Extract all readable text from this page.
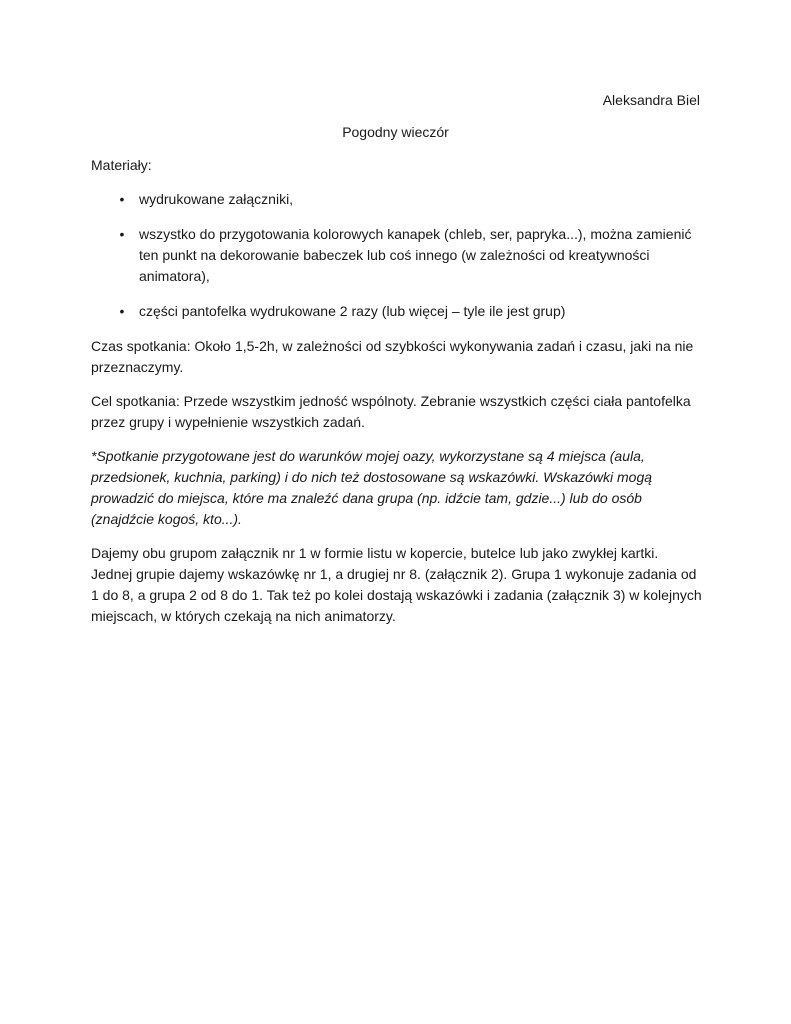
Aleksandra Biel
Pogodny wieczór

Materiały:

• wydrukowane załączniki,
• wszystko do przygotowania kolorowych kanapek (chleb, ser, papryka...), można zamienić ten punkt na dekorowanie babeczek lub coś innego (w zależności od kreatywności animatora),
• części pantofelka wydrukowane 2 razy (lub więcej – tyle ile jest grup)

Czas spotkania: Około 1,5-2h, w zależności od szybkości wykonywania zadań i czasu, jaki na nie przeznaczymy.

Cel spotkania: Przede wszystkim jedność wspólnoty. Zebranie wszystkich części ciała pantofelka przez grupy i wypełnienie wszystkich zadań.

*Spotkanie przygotowane jest do warunków mojej oazy, wykorzystane są 4 miejsca (aula, przedsionek, kuchnia, parking) i do nich też dostosowane są wskazówki. Wskazówki mogą prowadzić do miejsca, które ma znaleźć dana grupa (np. idźcie tam, gdzie...) lub do osób (znajdźcie kogoś, kto...).

Dajemy obu grupom załącznik nr 1 w formie listu w kopercie, butelce lub jako zwykłej kartki. Jednej grupie dajemy wskazówkę nr 1, a drugiej nr 8. (załącznik 2). Grupa 1 wykonuje zadania od 1 do 8, a grupa 2 od 8 do 1. Tak też po kolei dostają wskazówki i zadania (załącznik 3) w kolejnych miejscach, w których czekają na nich animatorzy.
